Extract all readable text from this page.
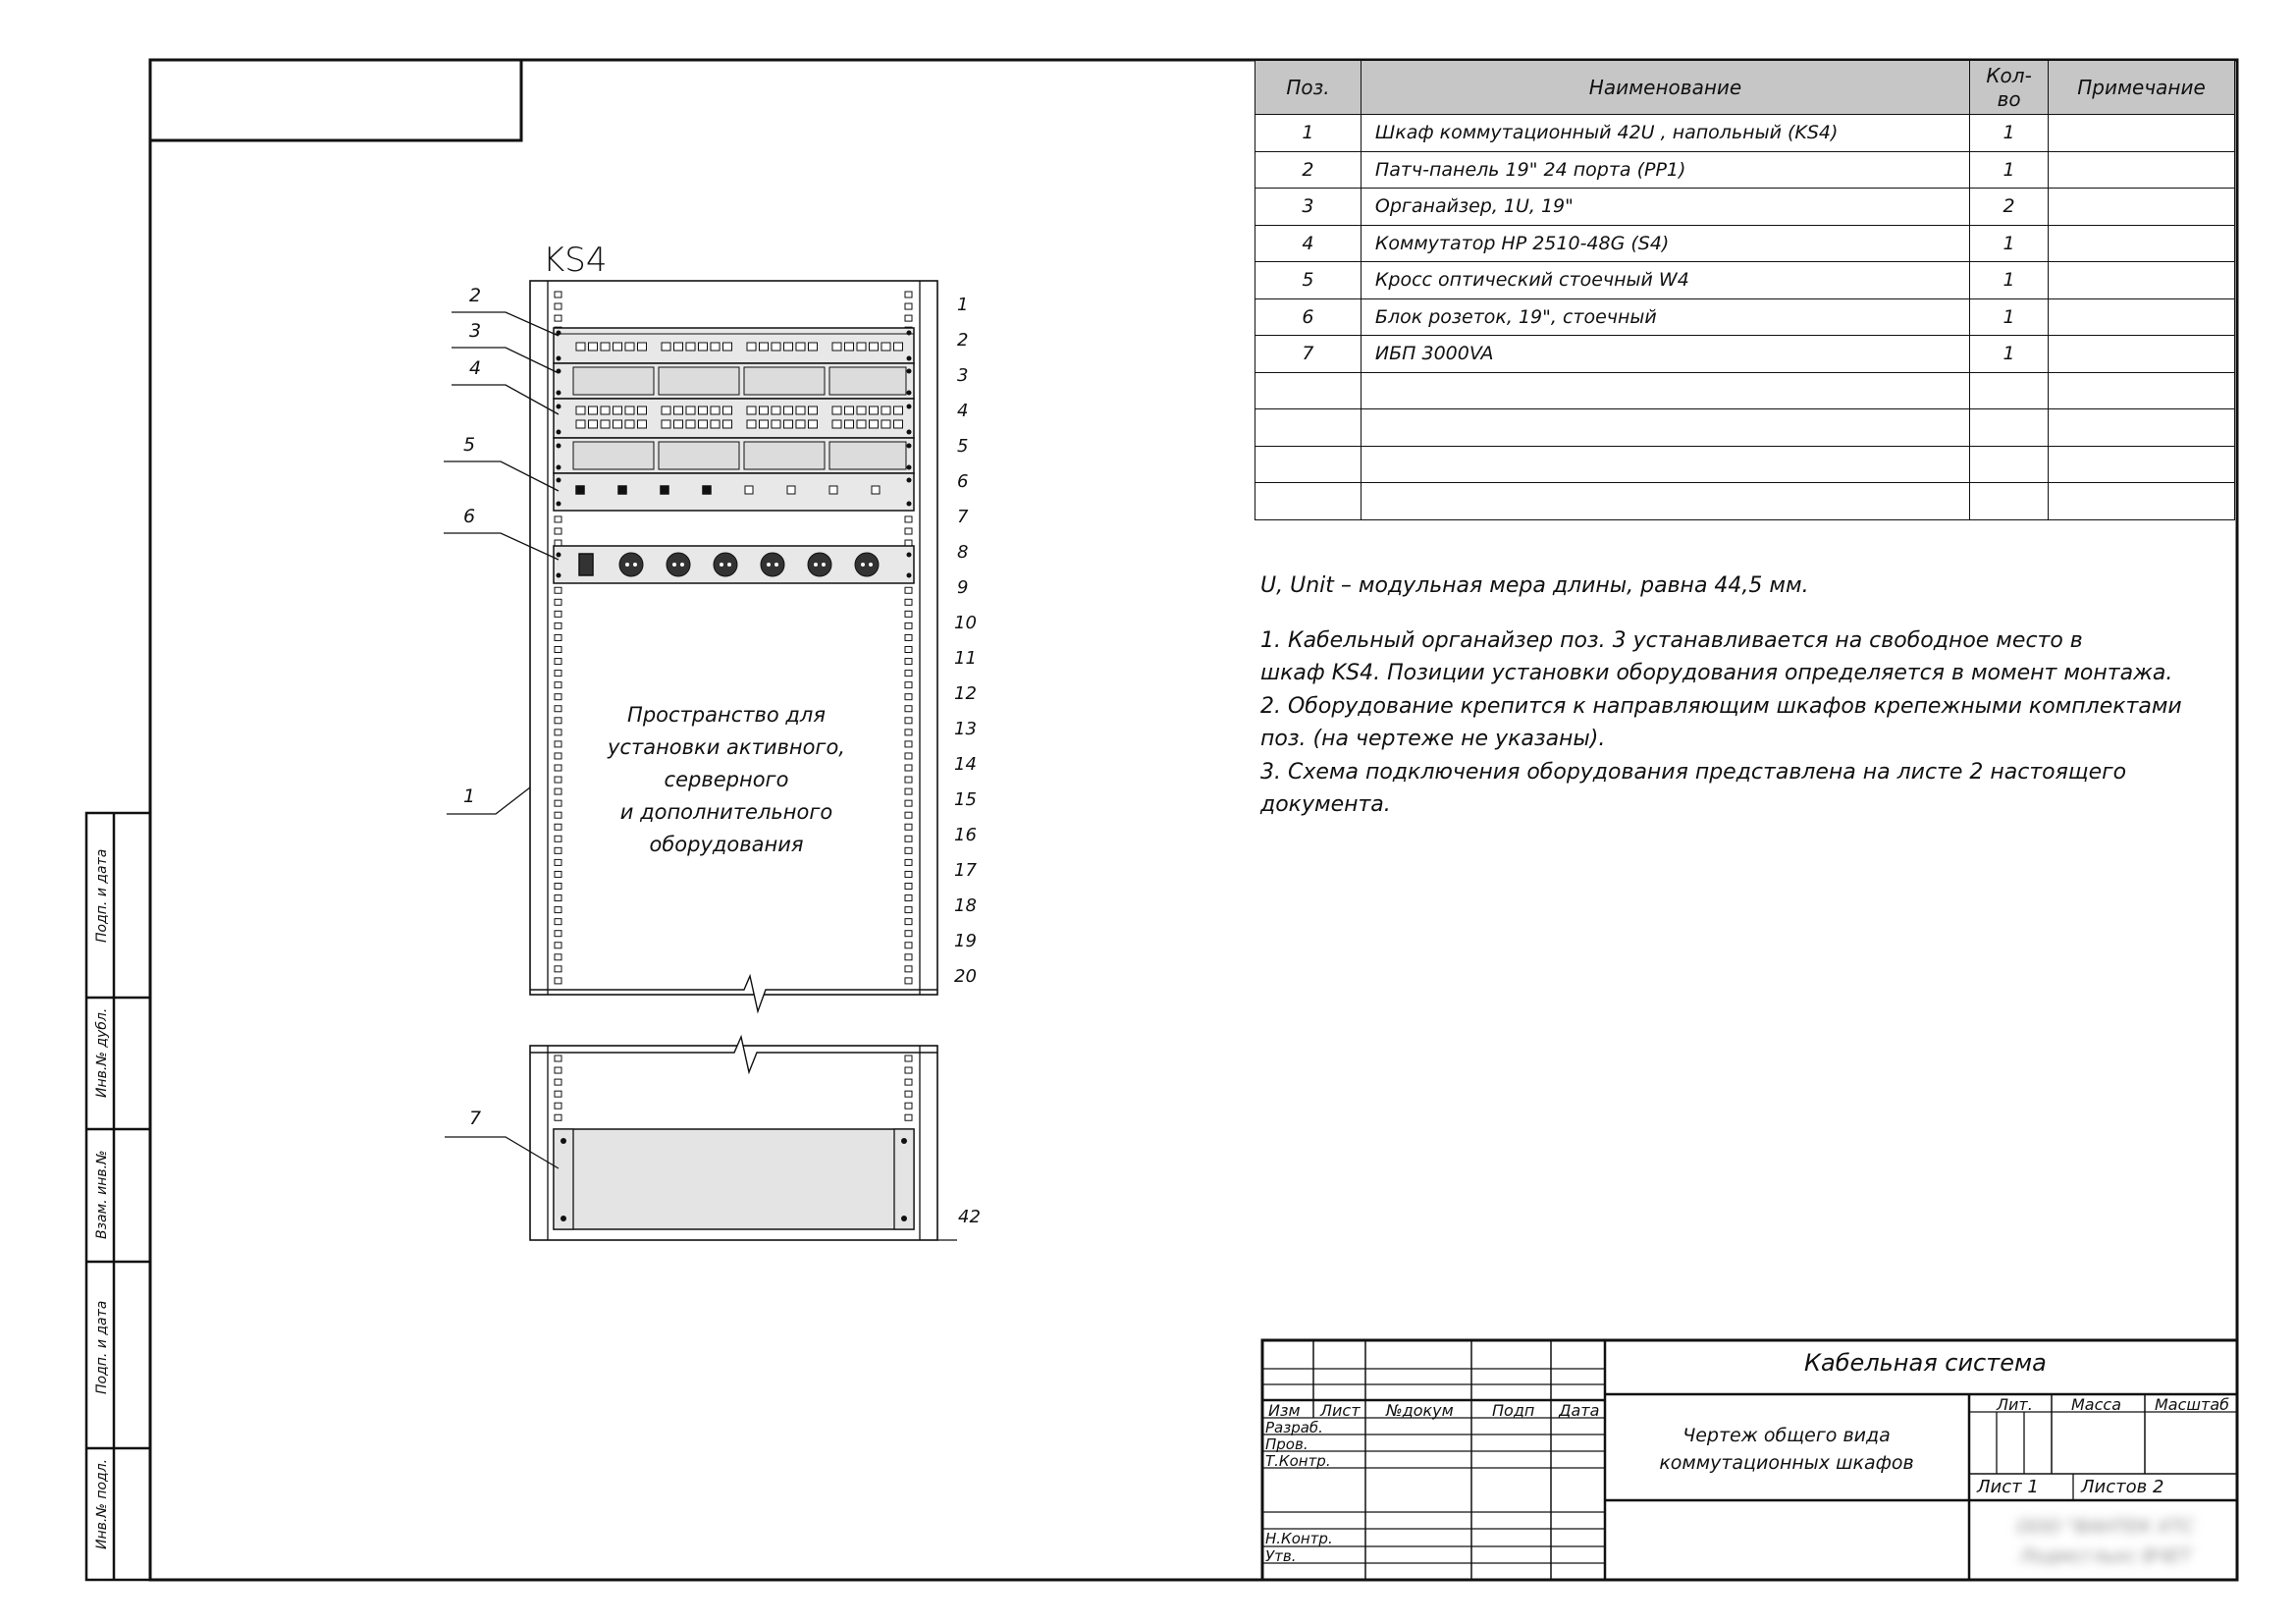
KS4
2
3
4
5
6
1
7
1
2
3
4
5
6
7
8
9
10
11
12
13
14
15
16
17
18
19
20
42
Пространство для
установки активного,
серверного
и дополнительного
оборудования
Поз.	Наименование	Кол-во	Примечание
1	Шкаф коммутационный 42U , напольный (KS4)	1	
2	Патч-панель 19" 24 порта (PP1)	1	
3	Органайзер, 1U, 19"	2	
4	Коммутатор HP 2510-48G (S4)	1	
5	Кросс оптический стоечный W4	1	
6	Блок розеток, 19", стоечный	1	
7	ИБП 3000VA	1	

U, Unit – модульная мера длины, равна 44,5 мм.

1. Кабельный органайзер поз. 3 устанавливается на свободное место в

шкаф KS4. Позиции установки оборудования определяется в момент монтажа.

2. Оборудование крепится к направляющим шкафов крепежными комплектами

поз. (на чертеже не указаны).

3. Схема подключения оборудования представлена на листе 2 настоящего документа.

Кабельная система
Чертеж общего вида
коммутационных шкафов
Изм Лист №докум Подп Дата
Разраб.
Пров.
Т.Контр.
Н.Контр.
Утв.
Лит. Масса Масштаб
Лист 1 Листов 2
ООО "ВАНТЕК ХТС
Лодмсглькс ВЧЕТ
Подп. и дата
Инв.№ дубл.
Взам. инв.№
Подп. и дата
Инв.№ подл.
